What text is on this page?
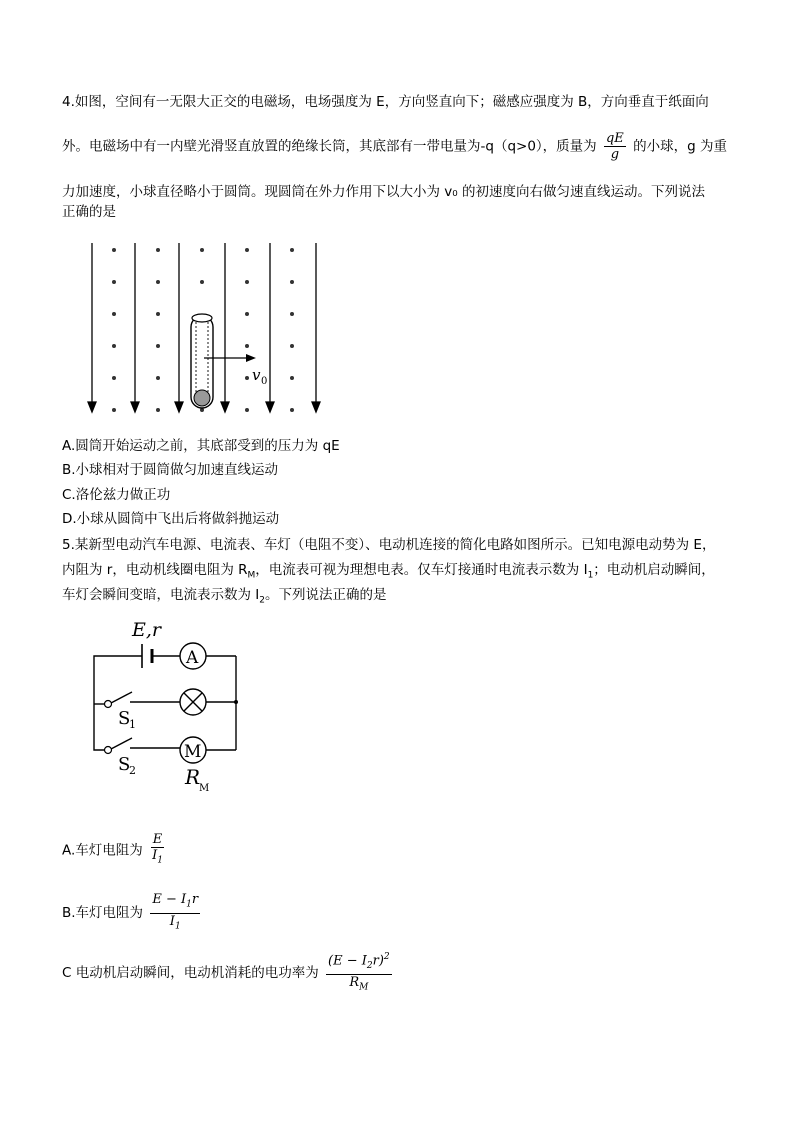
4.如图，空间有一无限大正交的电磁场，电场强度为 E，方向竖直向下；磁感应强度为 B，方向垂直于纸面向
外。电磁场中有一内壁光滑竖直放置的绝缘长筒，其底部有一带电量为-q（q>0），质量为 $\frac{qE}{g}$ 的小球，g 为重
力加速度，小球直径略小于圆筒。现圆筒在外力作用下以大小为 v₀ 的初速度向右做匀速直线运动。下列说法
正确的是
v 0
A.圆筒开始运动之前，其底部受到的压力为 qE
B.小球相对于圆筒做匀加速直线运动
C.洛伦兹力做正功
D.小球从圆筒中飞出后将做斜抛运动
5.某新型电动汽车电源、电流表、车灯（电阻不变）、电动机连接的简化电路如图所示。已知电源电动势为 E，
内阻为 r，电动机线圈电阻为 $R_M$，电流表可视为理想电表。仅车灯接通时电流表示数为 $I_1$；电动机启动瞬间，
车灯会瞬间变暗，电流表示数为 $I_2$。下列说法正确的是
E,r
A
M
S
1
S
2 R
M
A.车灯电阻为 $\frac{E}{I_1}$
B.车灯电阻为 $\frac{E - I_1r}{I_1}$
C 电动机启动瞬间，电动机消耗的电功率为 $\frac{(E - I_2r)^2}{R_M}$
